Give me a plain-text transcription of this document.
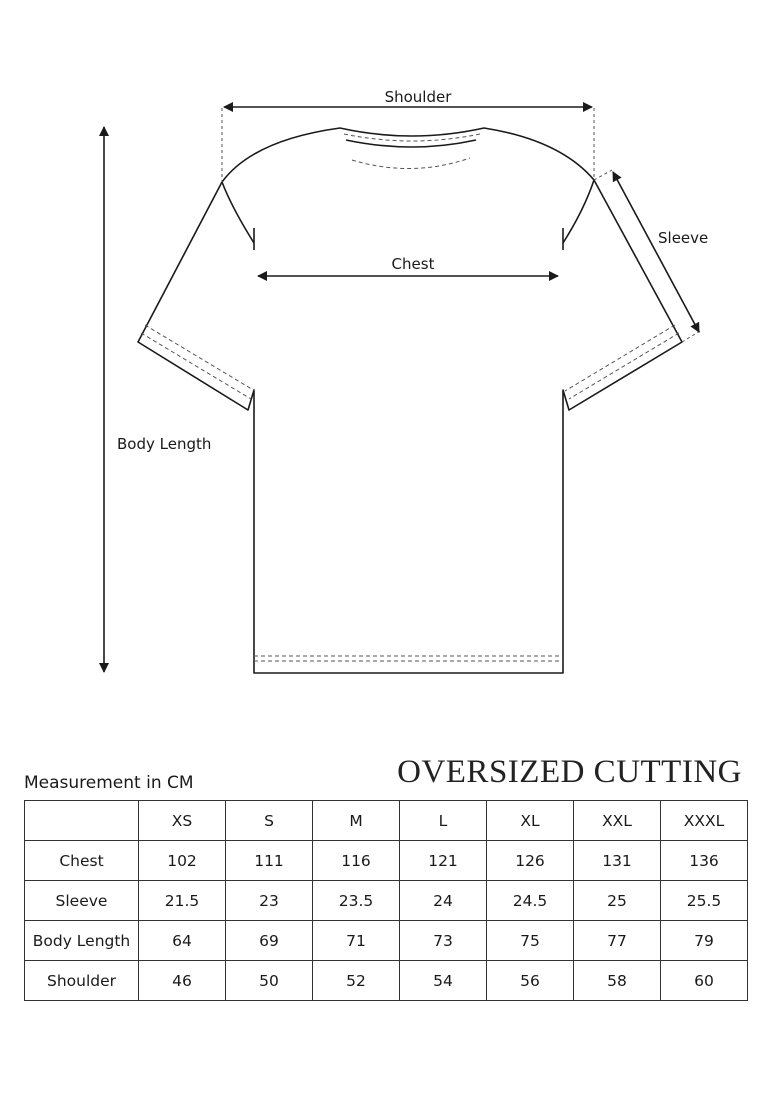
Shoulder
Chest
Sleeve
Body Length
Measurement in CM	OVERSIZED CUTTING
	XS	S	M	L	XL	XXL	XXXL
Chest	102	111	116	121	126	131	136
Sleeve	21.5	23	23.5	24	24.5	25	25.5
Body Length	64	69	71	73	75	77	79
Shoulder	46	50	52	54	56	58	60
